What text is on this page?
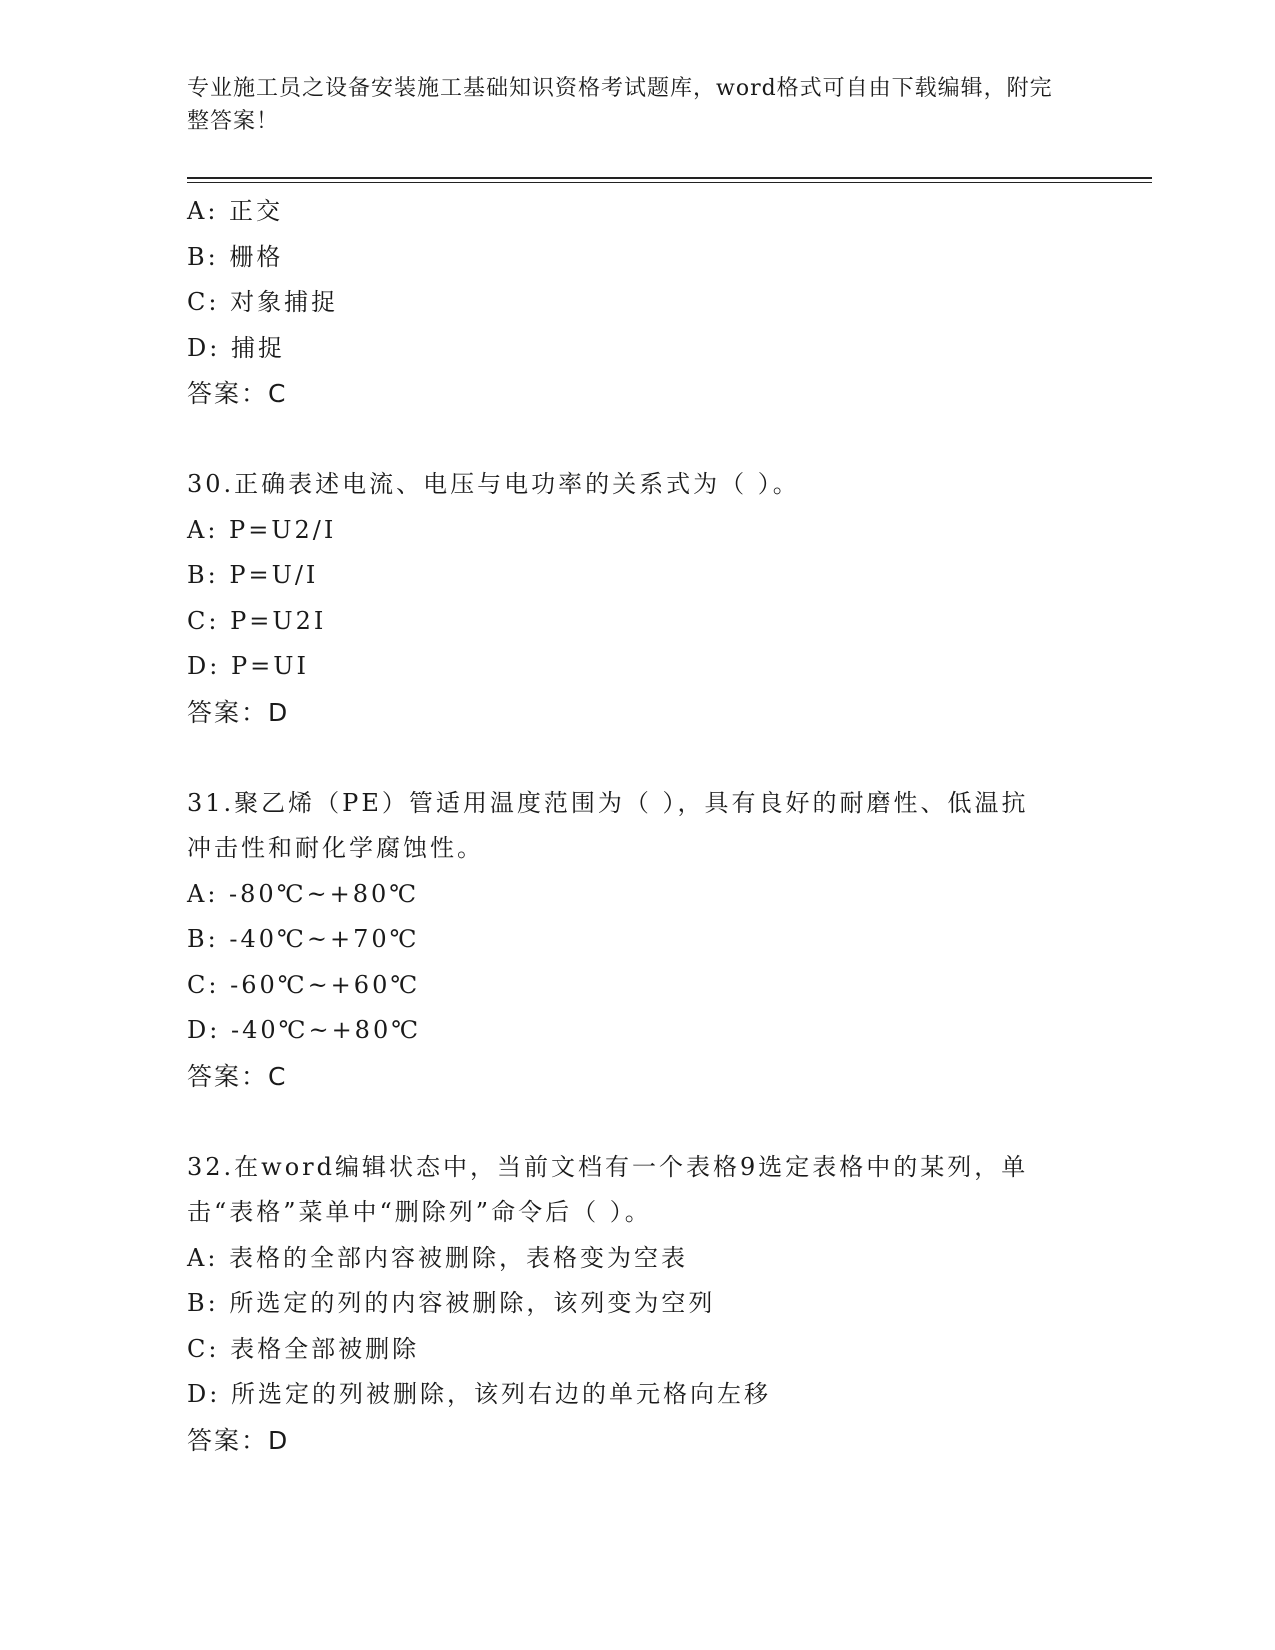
专业施工员之设备安装施工基础知识资格考试题库，word格式可自由下载编辑，附完整答案！
A: 正交
B: 栅格
C: 对象捕捉
D: 捕捉
答案：C
30.正确表述电流、电压与电功率的关系式为（ ）。
A: P=U2/I
B: P=U/I
C: P=U2I
D: P=UI
答案：D
31.聚乙烯（PE）管适用温度范围为（ ），具有良好的耐磨性、低温抗冲击性和耐化学腐蚀性。
A: -80℃~+80℃
B: -40℃~+70℃
C: -60℃~+60℃
D: -40℃~+80℃
答案：C
32.在word编辑状态中，当前文档有一个表格9选定表格中的某列，单击“表格”菜单中“删除列”命令后（ ）。
A: 表格的全部内容被删除，表格变为空表
B: 所选定的列的内容被删除，该列变为空列
C: 表格全部被删除
D: 所选定的列被删除，该列右边的单元格向左移
答案：D
